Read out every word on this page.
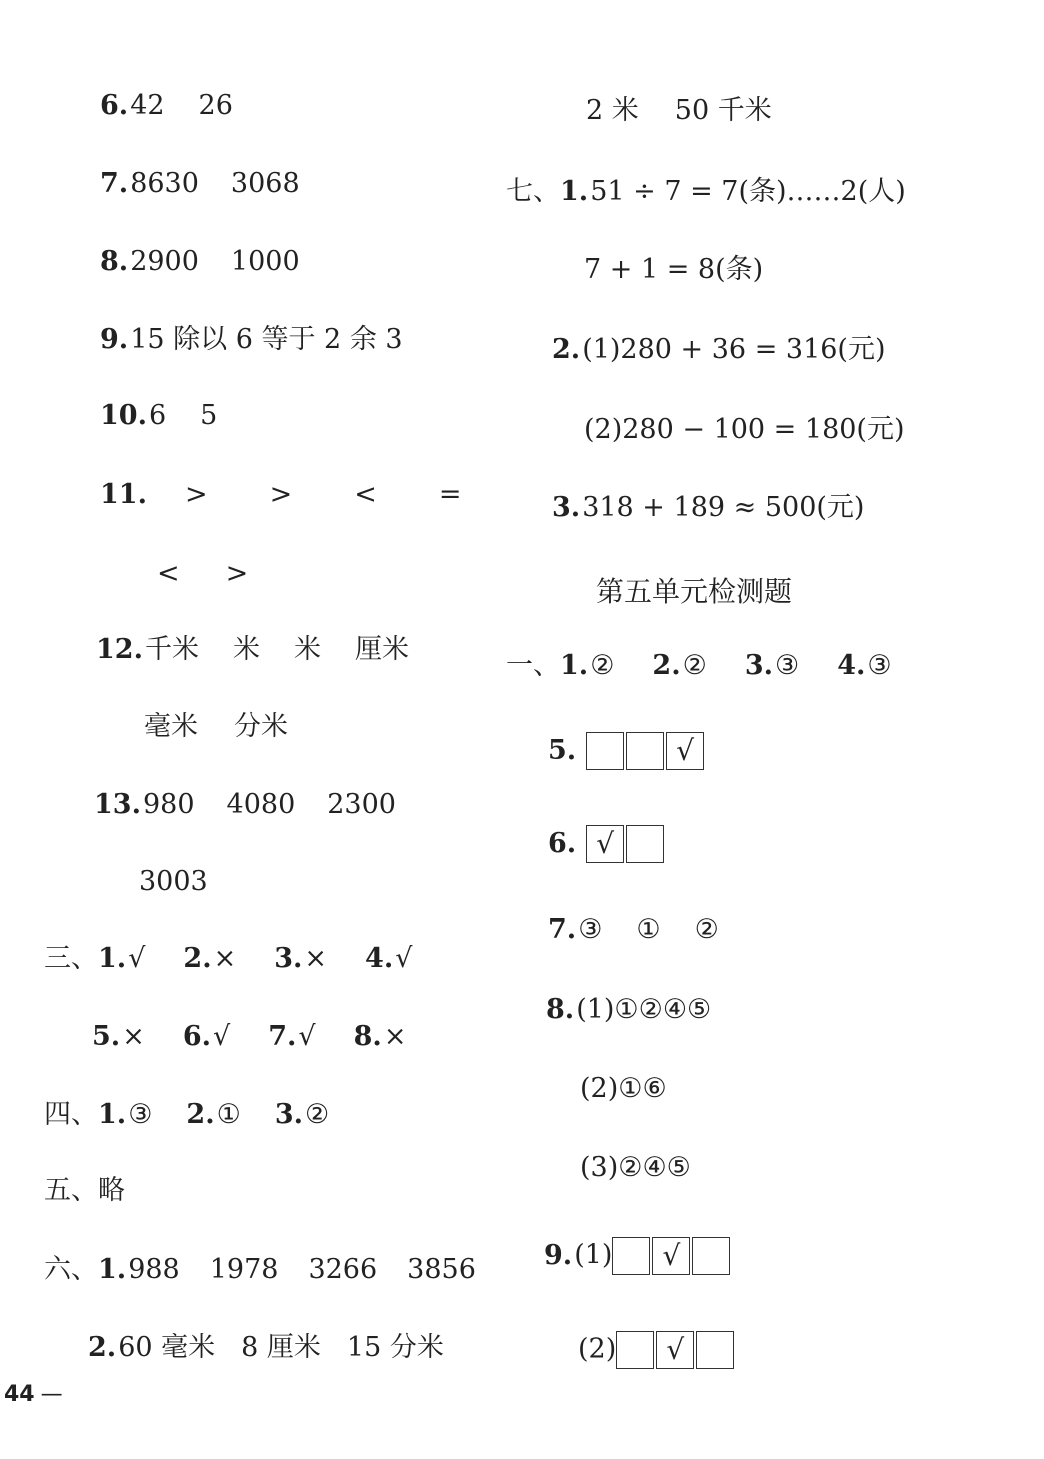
6.42 26
7.8630 3068
8.2900 1000
9.15 除以 6 等于 2 余 3
10.6 5
11. > > < =
< >
12.千米 米 米 厘米
毫米 分米
13.980 4080 2300
3003
三、1.√ 2.× 3.× 4.√
5.× 6.√ 7.√ 8.×
四、1.③ 2.① 3.②
五、略
六、1.988 1978 3266 3856
2.60 毫米 8 厘米 15 分米
2 米 50 千米
七、1.51 ÷ 7 = 7(条)……2(人)
7 + 1 = 8(条)
2.(1)280 + 36 = 316(元)
(2)280 − 100 = 180(元)
3.318 + 189 ≈ 500(元)
第五单元检测题
一、1.② 2.② 3.③ 4.③
5.	√
6. √
7.③ ① ②
8.(1)①②④⑤
(2)①⑥
(3)②④⑤
9.(1) √
(2) √
44 —
